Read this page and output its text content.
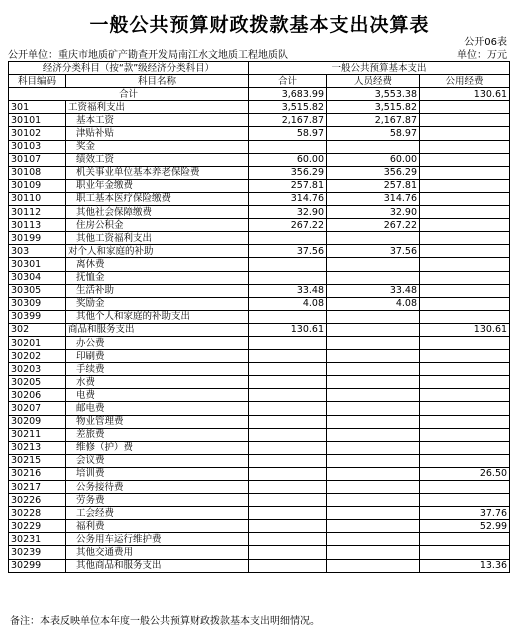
一般公共预算财政拨款基本支出决算表
公开06表
公开单位：重庆市地质矿产勘查开发局南江水文地质工程地质队	单位：万元
经济分类科目（按“款”级经济分类科目）		一般公共预算基本支出		
科目编码	科目名称	合计	人员经费	公用经费
合计		3,683.99	3,553.38	130.61
301	工资福利支出	3,515.82	3,515.82	
30101	基本工资	2,167.87	2,167.87	
30102	津贴补贴	58.97	58.97	
30103	奖金			
30107	绩效工资	60.00	60.00	
30108	机关事业单位基本养老保险费	356.29	356.29	
30109	职业年金缴费	257.81	257.81	
30110	职工基本医疗保险缴费	314.76	314.76	
30112	其他社会保障缴费	32.90	32.90	
30113	住房公积金	267.22	267.22	
30199	其他工资福利支出			
303	对个人和家庭的补助	37.56	37.56	
30301	离休费			
30304	抚恤金			
30305	生活补助	33.48	33.48	
30309	奖励金	4.08	4.08	
30399	其他个人和家庭的补助支出			
302	商品和服务支出	130.61		130.61
30201	办公费			
30202	印刷费			
30203	手续费			
30205	水费			
30206	电费			
30207	邮电费			
30209	物业管理费			
30211	差旅费			
30213	维修（护）费			
30215	会议费			
30216	培训费			26.50
30217	公务接待费			
30226	劳务费			
30228	工会经费			37.76
30229	福利费			52.99
30231	公务用车运行维护费			
30239	其他交通费用			
30299	其他商品和服务支出			13.36
备注：本表反映单位本年度一般公共预算财政拨款基本支出明细情况。
